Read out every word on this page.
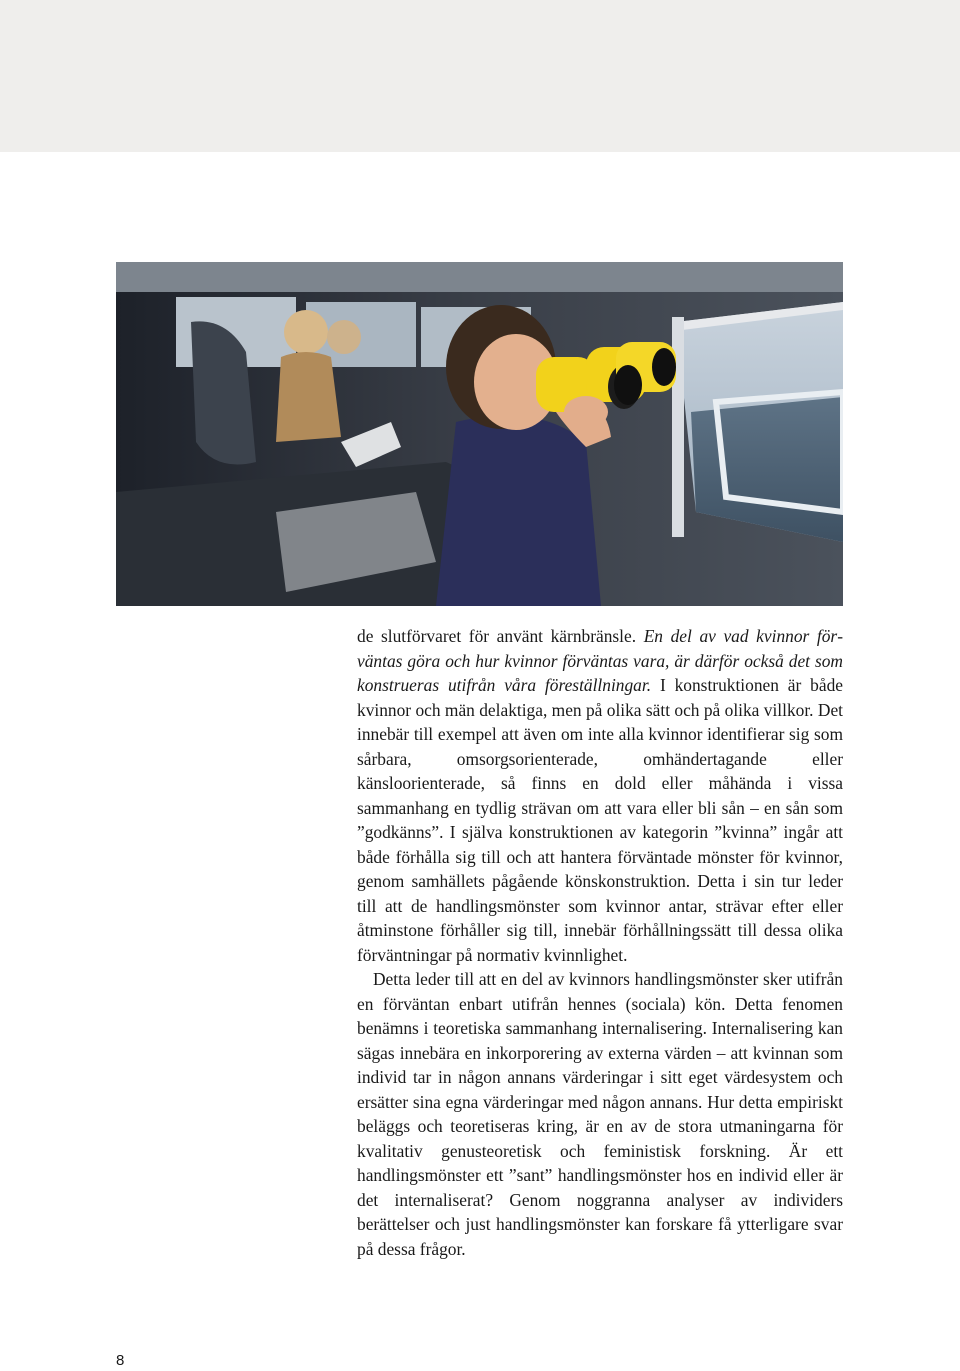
de slutförvaret för använt kärnbränsle. En del av vad kvinnor förväntas göra och hur kvinnor förväntas vara, är därför också det som konstrueras utifrån våra föreställningar. I konstruktionen är både kvinnor och män delaktiga, men på olika sätt och på olika villkor. Det innebär till exempel att även om inte alla kvinnor identifierar sig som sårbara, omsorgsorienterade, omhändertagande eller känsloorienterade, så finns en dold eller måhända i vissa sammanhang en tydlig strävan om att vara eller bli sån – en sån som ”godkänns”. I själva konstruktionen av kategorin ”kvinna” ingår att både förhålla sig till och att hantera förväntade mönster för kvinnor, genom samhällets pågående könskonstruktion. Detta i sin tur leder till att de handlingsmönster som kvinnor antar, strävar efter eller åtminstone förhåller sig till, innebär förhållningssätt till dessa olika förväntningar på normativ kvinnlighet.

Detta leder till att en del av kvinnors handlingsmönster sker utifrån en förväntan enbart utifrån hennes (sociala) kön. Detta fenomen benämns i teoretiska sammanhang internalisering. Internalisering kan sägas innebära en inkorporering av externa värden – att kvinnan som individ tar in någon annans värderingar i sitt eget värdesystem och ersätter sina egna värderingar med någon annans. Hur detta empiriskt beläggs och teoretiseras kring, är en av de stora utmaningarna för kvalitativ genusteoretisk och feministisk forskning. Är ett handlingsmönster ett ”sant” handlingsmönster hos en individ eller är det internaliserat? Genom noggranna analyser av individers berättelser och just handlingsmönster kan forskare få ytterligare svar på dessa frågor.

8
